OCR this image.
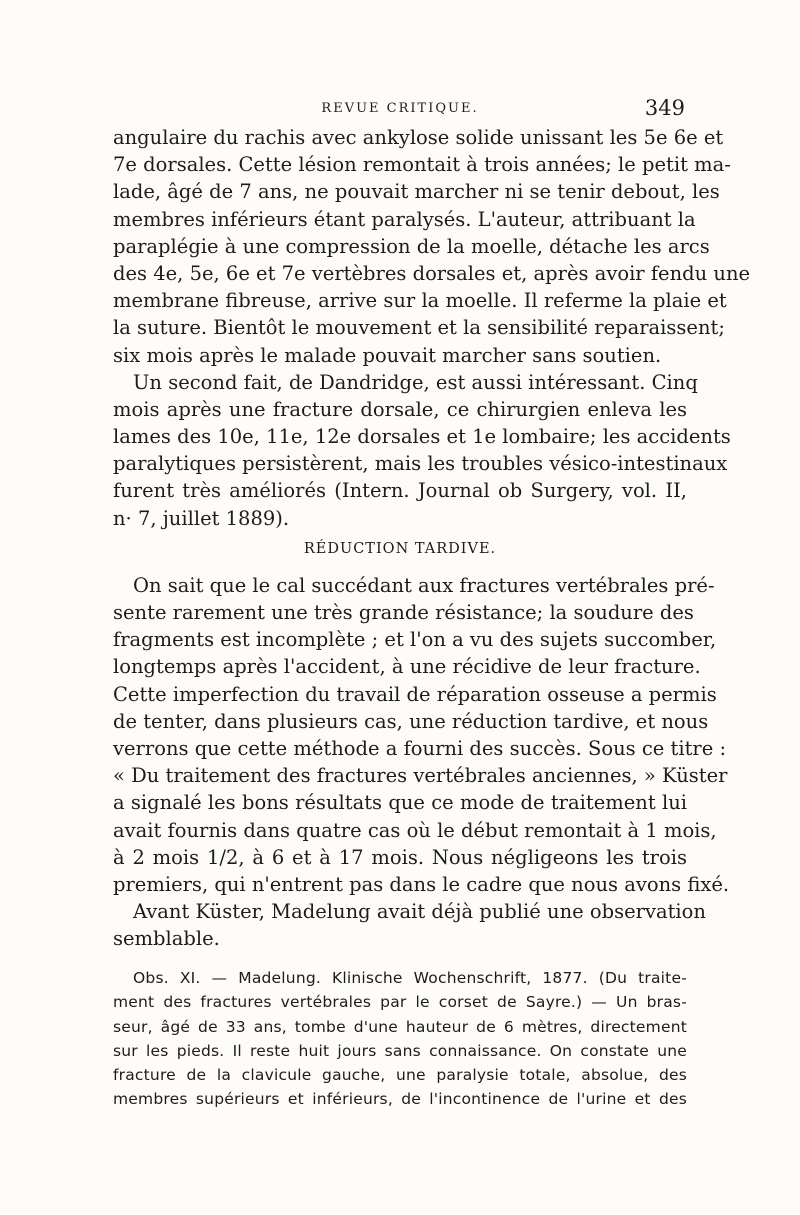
REVUE CRITIQUE.	349
angulaire du rachis avec ankylose solide unissant les 5e 6e et
7e dorsales. Cette lésion remontait à trois années; le petit ma-
lade, âgé de 7 ans, ne pouvait marcher ni se tenir debout, les
membres inférieurs étant paralysés. L'auteur, attribuant la
paraplégie à une compression de la moelle, détache les arcs
des 4e, 5e, 6e et 7e vertèbres dorsales et, après avoir fendu une
membrane fibreuse, arrive sur la moelle. Il referme la plaie et
la suture. Bientôt le mouvement et la sensibilité reparaissent;
six mois après le malade pouvait marcher sans soutien.
Un second fait, de Dandridge, est aussi intéressant. Cinq
mois après une fracture dorsale, ce chirurgien enleva les
lames des 10e, 11e, 12e dorsales et 1e lombaire; les accidents
paralytiques persistèrent, mais les troubles vésico-intestinaux
furent très améliorés (Intern. Journal ob Surgery, vol. II,
n· 7, juillet 1889).
RÉDUCTION TARDIVE.
On sait que le cal succédant aux fractures vertébrales pré-
sente rarement une très grande résistance; la soudure des
fragments est incomplète ; et l'on a vu des sujets succomber,
longtemps après l'accident, à une récidive de leur fracture.
Cette imperfection du travail de réparation osseuse a permis
de tenter, dans plusieurs cas, une réduction tardive, et nous
verrons que cette méthode a fourni des succès. Sous ce titre :
« Du traitement des fractures vertébrales anciennes, » Küster
a signalé les bons résultats que ce mode de traitement lui
avait fournis dans quatre cas où le début remontait à 1 mois,
à 2 mois 1/2, à 6 et à 17 mois. Nous négligeons les trois
premiers, qui n'entrent pas dans le cadre que nous avons fixé.
Avant Küster, Madelung avait déjà publié une observation
semblable.
Obs. XI. — Madelung. Klinische Wochenschrift, 1877. (Du traite-
ment des fractures vertébrales par le corset de Sayre.) — Un bras-
seur, âgé de 33 ans, tombe d'une hauteur de 6 mètres, directement
sur les pieds. Il reste huit jours sans connaissance. On constate une
fracture de la clavicule gauche, une paralysie totale, absolue, des
membres supérieurs et inférieurs, de l'incontinence de l'urine et des
